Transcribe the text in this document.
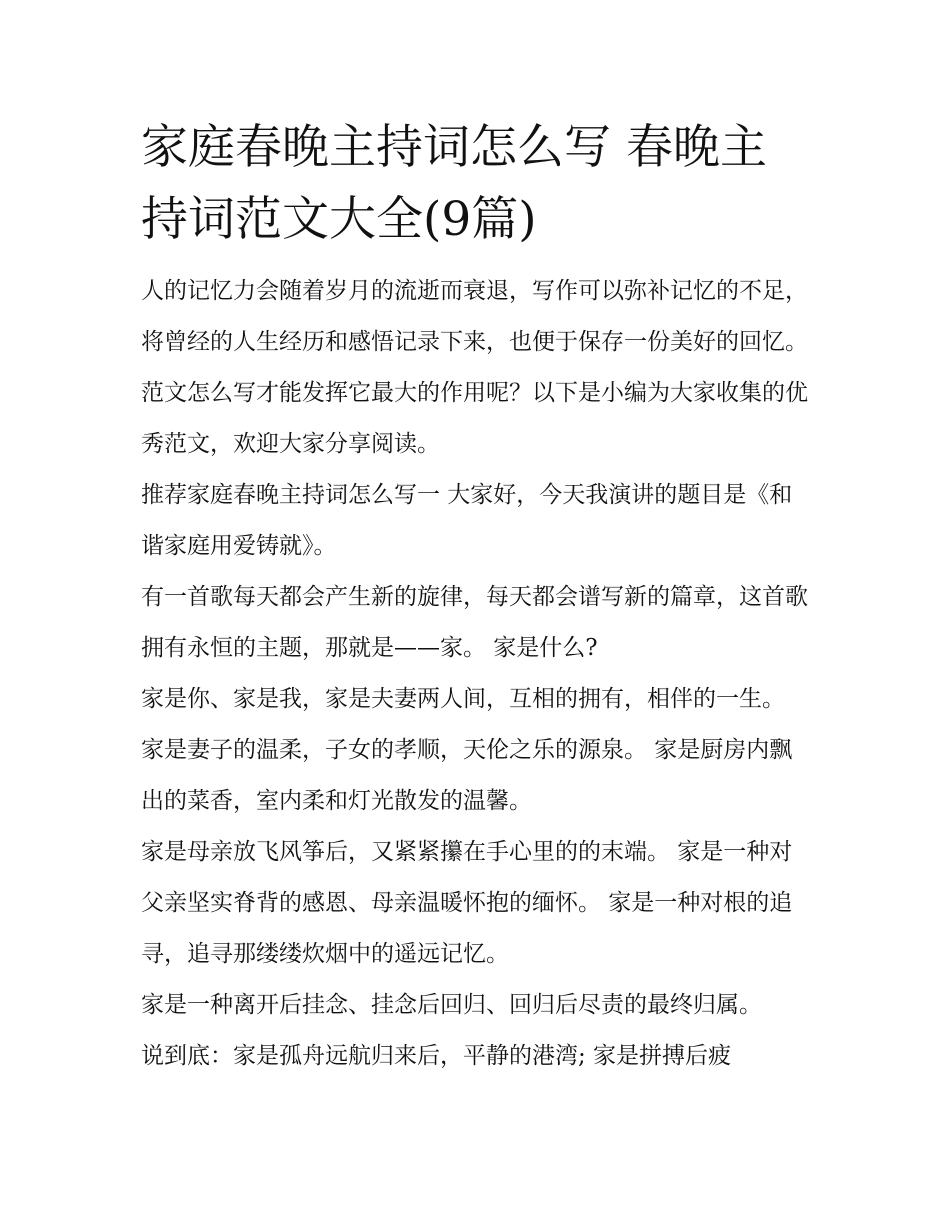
家庭春晚主持词怎么写 春晚主持词范文大全(9篇)

人的记忆力会随着岁月的流逝而衰退，写作可以弥补记忆的不足，将曾经的人生经历和感悟记录下来，也便于保存一份美好的回忆。范文怎么写才能发挥它最大的作用呢？以下是小编为大家收集的优秀范文，欢迎大家分享阅读。

推荐家庭春晚主持词怎么写一 大家好，今天我演讲的题目是《和谐家庭用爱铸就》。

有一首歌每天都会产生新的旋律，每天都会谱写新的篇章，这首歌拥有永恒的主题，那就是——家。 家是什么?

家是你、家是我，家是夫妻两人间，互相的拥有，相伴的一生。 家是妻子的温柔，子女的孝顺，天伦之乐的源泉。 家是厨房内飘出的菜香，室内柔和灯光散发的温馨。

家是母亲放飞风筝后，又紧紧攥在手心里的的末端。 家是一种对父亲坚实脊背的感恩、母亲温暖怀抱的缅怀。 家是一种对根的追寻，追寻那缕缕炊烟中的遥远记忆。

家是一种离开后挂念、挂念后回归、回归后尽责的最终归属。

说到底：家是孤舟远航归来后，平静的港湾; 家是拼搏后疲
